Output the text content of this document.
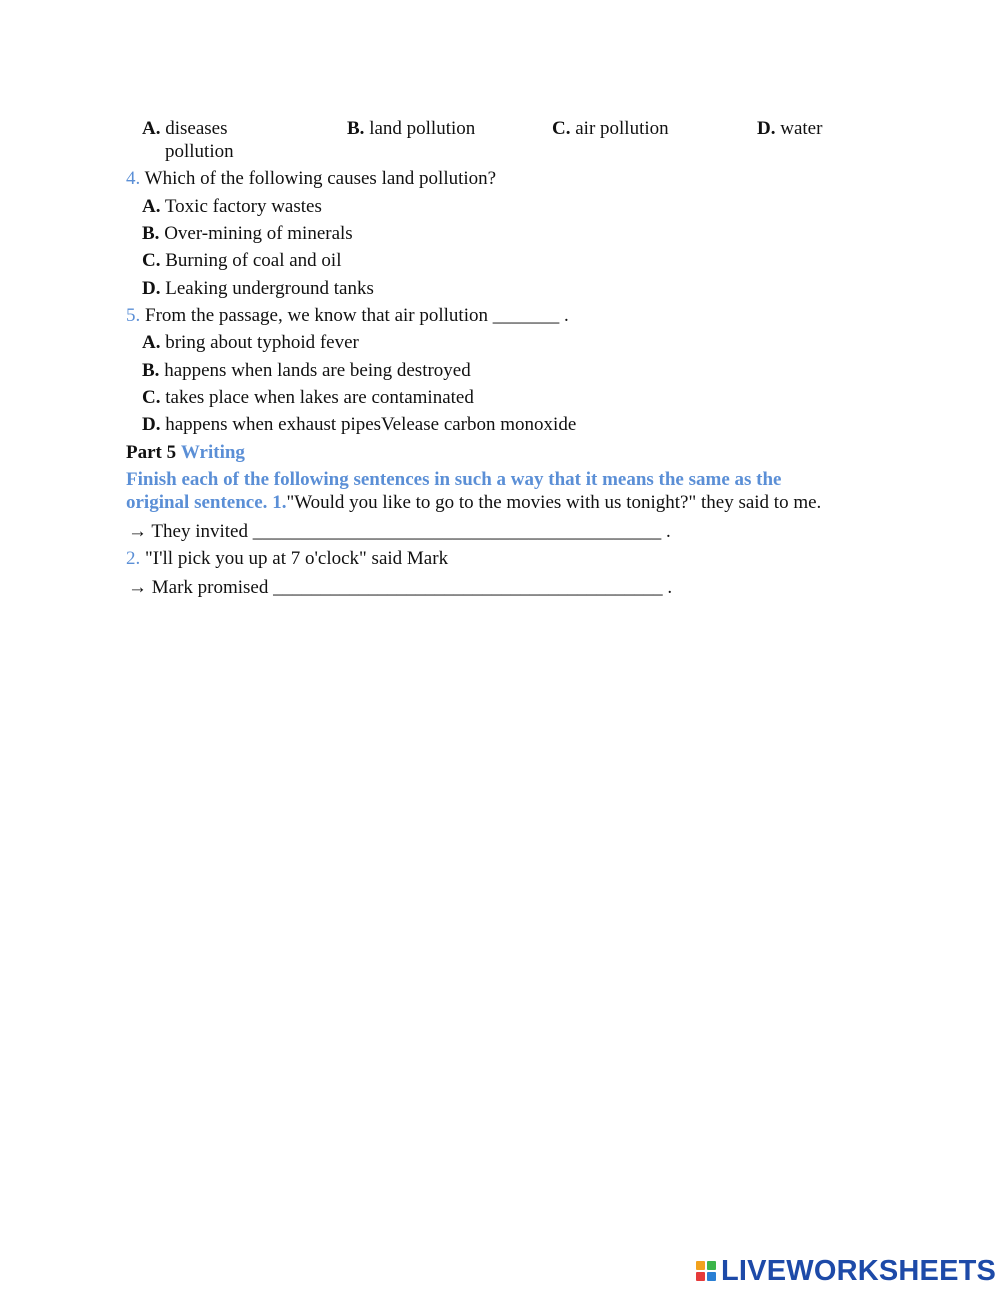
A. diseases
pollution
B. land pollution	C. air pollution	D. water
4. Which of the following causes land pollution?
A. Toxic factory wastes
B. Over-mining of minerals
C. Burning of coal and oil
D. Leaking underground tanks
5. From the passage, we know that air pollution _______ .
A. bring about typhoid fever
B. happens when lands are being destroyed
C. takes place when lakes are contaminated
D. happens when exhaust pipesVelease carbon monoxide
Part 5 Writing
Finish each of the following sentences in such a way that it means the same as the
original sentence. 1."Would you like to go to the movies with us tonight?" they said to me.
→ They invited ___________________________________________ .
2. "I'll pick you up at 7 o'clock" said Mark
→ Mark promised _________________________________________ .
LIVEWORKSHEETS
